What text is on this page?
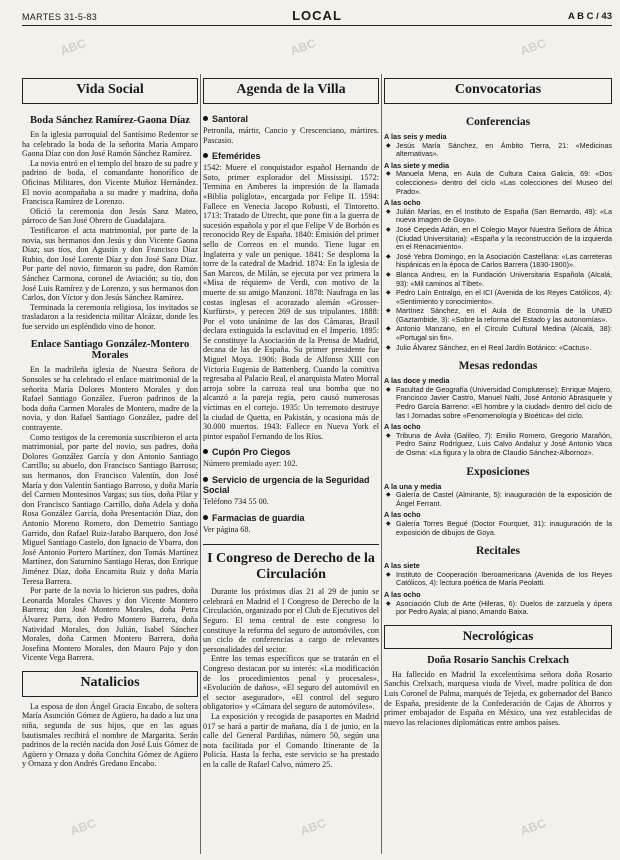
MARTES 31-5-83	LOCAL	A B C / 43
Vida Social	Agenda de la Villa	Convocatorias
Boda Sánchez Ramírez-Gaona Díaz

En la iglesia parroquial del Santísimo Redentor se ha celebrado la boda de la señorita María Amparo Gaona Díaz con don José Ramón Sánchez Ramírez.

La novia entró en el templo del brazo de su padre y padrino de boda, el comandante honorífico de Oficinas Militares, don Vicente Muñoz Hernández. El novio acompañaba a su madre y madrina, doña Francisca Ramírez de Lorenzo.

Ofició la ceremonia don Jesús Sanz Mateo, párroco de San José Obrero de Guadalajara.

Testificaron el acta matrimonial, por parte de la novia, sus hermanos don Jesús y don Vicente Gaona Díaz; sus tíos, don Agustín y don Francisco Díaz Rubio, don José Lorente Díaz y don José Sanz Díaz. Por parte del novio, firmaron su padre, don Ramón Sánchez Carmona, coronel de Aviación; su tío, don José Luis Ramírez y de Lorenzo, y sus hermanos don Carlos, don Víctor y don Jesús Sánchez Ramírez.

Terminada la ceremonia religiosa, los invitados se trasladaron a la residencia militar Alcázar, donde les fue servido un espléndido vino de honor.

Enlace Santiago González-Montero Morales

En la madrileña iglesia de Nuestra Señora de Sonsoles se ha celebrado el enlace matrimonial de la señorita María Dolores Montero Morales y don Rafael Santiago González. Fueron padrinos de la boda doña Carmen Morales de Montero, madre de la novia, y don Rafael Santiago González, padre del contrayente.

Como testigos de la ceremonia suscribieron el acta matrimonial, por parte del novio, sus padres, doña Dolores González García y don Antonio Santiago Carrillo; su abuelo, don Francisco Santiago Barroso; sus hermanos, don Francisco Valentín, don José María y don Valentín Santiago Barroso, y doña María del Carmen Montesinos Vargas; sus tíos, doña Pilar y don Francisco Santiago Carrillo, doña Adela y doña Rosa González García, doña Presentación Díaz, don Antonio Moreno Romero, don Demetrio Santiago Garrido, don Rafael Ruiz-Jarabo Barquero, don José Miguel Santiago Castelo, don Ignacio de Ybarra, don José Antonio Portero Martínez, don Tomás Martínez Martínez, don Saturnino Santiago Heras, don Enrique Jiménez Díaz, doña Encarnita Ruiz y doña María Teresa Barrera.

Por parte de la novia lo hicieron sus padres, doña Leonarda Morales Chaves y don Vicente Montero Barrera; don José Montero Morales, doña Petra Álvarez Parra, don Pedro Montero Barrera, doña Natividad Morales, don Julián, Isabel Sánchez Morales, doña Carmen Montero Barrera, doña Josefina Montero Morales, don Mauro Pajo y don Vicente Vega Barrera.

Natalicios

La esposa de don Ángel Gracia Encabo, de soltera María Asunción Gómez de Agüero, ha dado a luz una niña, segunda de sus hijos, que en las aguas bautismales recibirá el nombre de Margarita. Serán padrinos de la recién nacida don José Luis Gómez de Agüero y Ornaza y doña Conchita Gómez de Agüero y Ornaza y don Andrés Gredano Encabo.

Santoral
Petronila, mártir, Cancio y Crescenciano, mártires. Pascasio.
Efemérides
1542: Muere el conquistador español Hernando de Soto, primer explorador del Mississipi. 1572: Termina en Amberes la impresión de la llamada «Biblia políglota», encargada por Felipe II. 1594: Fallece en Venecia Jacopo Robusti, el Tintoretto. 1713: Tratado de Utrecht, que pone fin a la guerra de sucesión española y por el que Felipe V de Borbón es reconocido Rey de España. 1840: Emisión del primer sello de Correos en el mundo. Tiene lugar en Inglaterra y vale un penique. 1841: Se desploma la torre de la catedral de Madrid. 1874: En la iglesia de San Marcos, de Milán, se ejecuta por vez primera la «Misa de réquiem» de Verdi, con motivo de la muerte de su amigo Manzoni. 1878: Naufraga en las costas inglesas el acorazado alemán «Grosser-Kurfürst», y perecen 269 de sus tripulantes. 1888: Por el voto unánime de las dos Cámaras, Brasil declara extinguida la esclavitud en el Imperio. 1895: Se constituye la Asociación de la Prensa de Madrid, decana de las de España. Su primer presidente fue Miguel Moya. 1906: Boda de Alfonso XIII con Victoria Eugenia de Battenberg. Cuando la comitiva regresaba al Palacio Real, el anarquista Mateo Morral arroja sobre la carroza real una bomba que no alcanzó a la pareja regia, pero causó numerosas víctimas en el cortejo. 1935: Un terremoto destruye la ciudad de Quetta, en Pakistán, y ocasiona más de 30.000 muertos. 1943: Fallece en Nueva York el pintor español Fernando de los Ríos.
Cupón Pro Ciegos
Número premiado ayer: 102.
Servicio de urgencia de la Seguridad Social
Teléfono 734 55 00.
Farmacias de guardia
Ver página 68.
I Congreso de Derecho de la Circulación

Durante los próximos días 21 al 29 de junio se celebrará en Madrid el I Congreso de Derecho de la Circulación, organizado por el Club de Ejecutivos del Seguro. El tema central de este congreso lo constituye la reforma del seguro de automóviles, con un ciclo de conferencias a cargo de relevantes personalidades del sector.

Entre los temas específicos que se tratarán en el Congreso destacan por su interés: «La modificación de los procedimientos penal y procesales», «Evolución de daños», «El seguro del automóvil en el sector asegurador», «El control del seguro obligatorio» y «Cámara del seguro de automóviles».

La exposición y recogida de pasaportes en Madrid 017 se hará a partir de mañana, día 1 de junio, en la calle del General Pardiñas, número 50, según una nota facilitada por el Comando Itinerante de la Policía. Hasta la fecha, este servicio se ha prestado en la calle de Rafael Calvo, número 25.

Conferencias
A las seis y media
◆ Jesús María Sánchez, en Ámbito Tierra, 21: «Medicinas alternativas».
A las siete y media
◆ Manuela Mena, en Aula de Cultura Caixa Galicia, 69: «Dos colecciones» dentro del ciclo «Las colecciones del Museo del Prado».
A las ocho
◆ Julián Marías, en el Instituto de España (San Bernardo, 49): «La nueva imagen de Goya».
◆ José Cepeda Adán, en el Colegio Mayor Nuestra Señora de África (Ciudad Universitaria): «España y la reconstrucción de la izquierda en el Renacimiento».
◆ José Yebra Domingo, en la Asociación Castellana: «Las carreteras hispánicas en la época de Carlos Barrera (1830-1900)».
◆ Blanca Andreu, en la Fundación Universitaria Española (Alcalá, 93): «Mil caminos al Tíbet».
◆ Pedro Laín Entralgo, en el ICI (Avenida de los Reyes Católicos, 4): «Sentimiento y conocimiento».
◆ Martínez Sánchez, en el Aula de Economía de la UNED (Gaztambide, 3): «Sobre la reforma del Estado y las autonomías».
◆ Antonio Manzano, en el Círculo Cultural Medina (Alcalá, 38): «Portugal sin fin».
◆ Julio Álvarez Sánchez, en el Real Jardín Botánico: «Cactus».
Mesas redondas
A las doce y media
◆ Facultad de Geografía (Universidad Complutense): Enrique Majero, Francisco Javier Castro, Manuel Nalti, José Antonio Abrasquete y Pedro García Barreno: «El hombre y la ciudad» dentro del ciclo de las I Jornadas sobre «Fenomenología y Bioética» del ciclo.
A las ocho
◆ Tribuna de Ávila (Galileo, 7): Emilio Romero, Gregorio Marañón, Pedro Sainz Rodríguez, Luis Calvo Andaluz y José Antonio Vaca de Osma: «La figura y la obra de Claudio Sánchez-Albornoz».
Exposiciones
A la una y media
◆ Galería de Castel (Almirante, 5): inauguración de la exposición de Ángel Ferrant.
A las ocho
◆ Galería Torres Begué (Doctor Fourquet, 31): inauguración de la exposición de dibujos de Goya.
Recitales
A las siete
◆ Instituto de Cooperación Iberoamericana (Avenida de los Reyes Católicos, 4): lectura poética de María Peolatti.
A las ocho
◆ Asociación Club de Arte (Hileras, 6): Duelos de zarzuela y ópera por Pedro Ayala; al piano, Amando Baixa.
Necrológicas
Doña Rosario Sanchis Crelxach

Ha fallecido en Madrid la excelentísima señora doña Rosario Sanchis Crelxach, marquesa viuda de Vivel, madre política de don Luis Coronel de Palma, marqués de Tejeda, ex gobernador del Banco de España, presidente de la Confederación de Cajas de Ahorros y primer embajador de España en México, una vez establecidas de nuevo las relaciones diplomáticas entre ambos países.

ABC	ABC	ABC
ABC	ABC	ABC
